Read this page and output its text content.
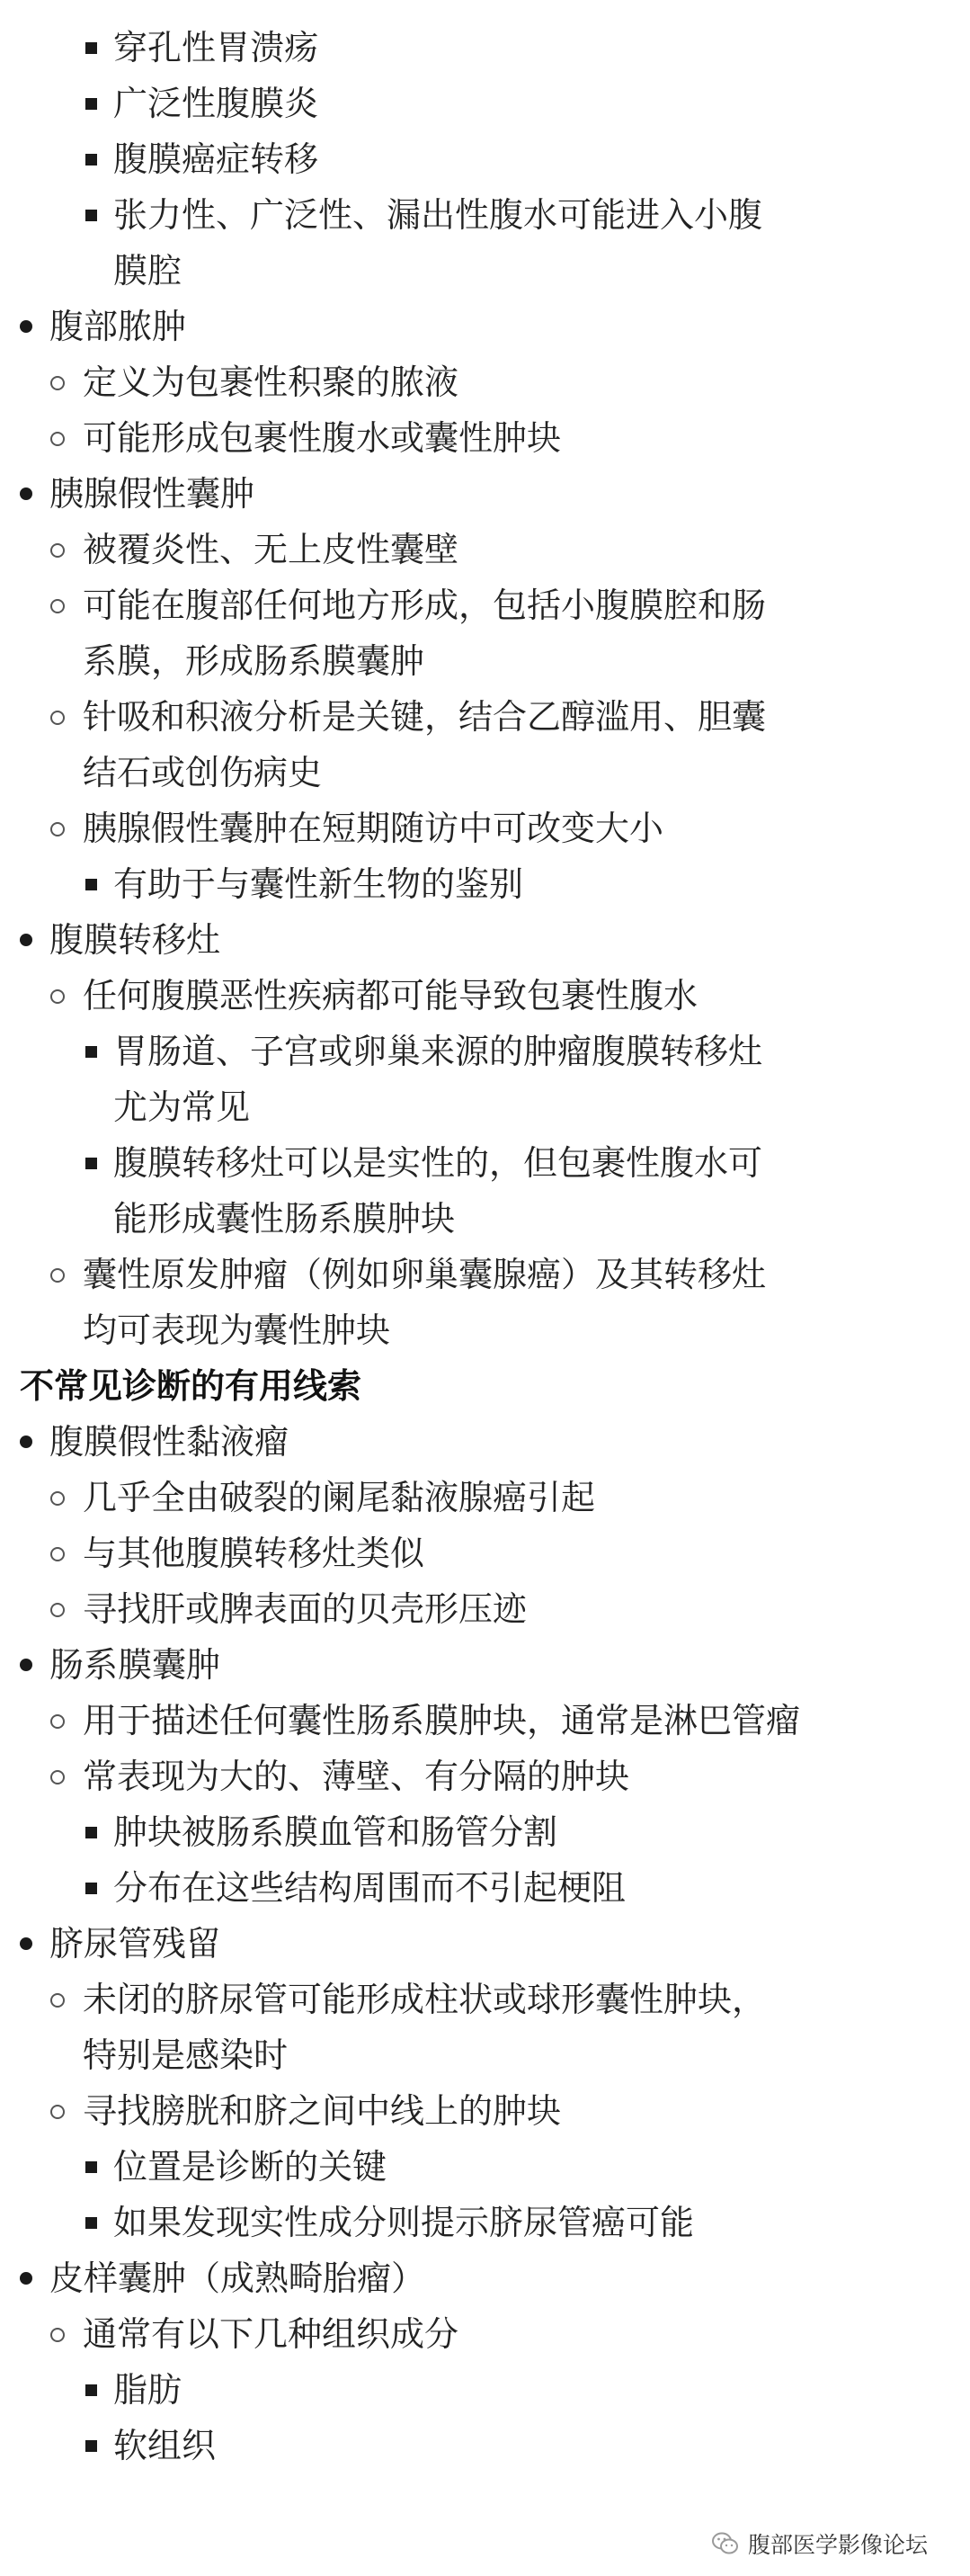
穿孔性胃溃疡
广泛性腹膜炎
腹膜癌症转移
张力性、广泛性、漏出性腹水可能进入小腹
膜腔
腹部脓肿
定义为包裹性积聚的脓液
可能形成包裹性腹水或囊性肿块
胰腺假性囊肿
被覆炎性、无上皮性囊壁
可能在腹部任何地方形成，包括小腹膜腔和肠
系膜，形成肠系膜囊肿
针吸和积液分析是关键，结合乙醇滥用、胆囊
结石或创伤病史
胰腺假性囊肿在短期随访中可改变大小
有助于与囊性新生物的鉴别
腹膜转移灶
任何腹膜恶性疾病都可能导致包裹性腹水
胃肠道、子宫或卵巢来源的肿瘤腹膜转移灶
尤为常见
腹膜转移灶可以是实性的，但包裹性腹水可
能形成囊性肠系膜肿块
囊性原发肿瘤（例如卵巢囊腺癌）及其转移灶
均可表现为囊性肿块
不常见诊断的有用线索
腹膜假性黏液瘤
几乎全由破裂的阑尾黏液腺癌引起
与其他腹膜转移灶类似
寻找肝或脾表面的贝壳形压迹
肠系膜囊肿
用于描述任何囊性肠系膜肿块，通常是淋巴管瘤
常表现为大的、薄壁、有分隔的肿块
肿块被肠系膜血管和肠管分割
分布在这些结构周围而不引起梗阻
脐尿管残留
未闭的脐尿管可能形成柱状或球形囊性肿块，
特别是感染时
寻找膀胱和脐之间中线上的肿块
位置是诊断的关键
如果发现实性成分则提示脐尿管癌可能
皮样囊肿（成熟畸胎瘤）
通常有以下几种组织成分
脂肪
软组织
腹部医学影像论坛
